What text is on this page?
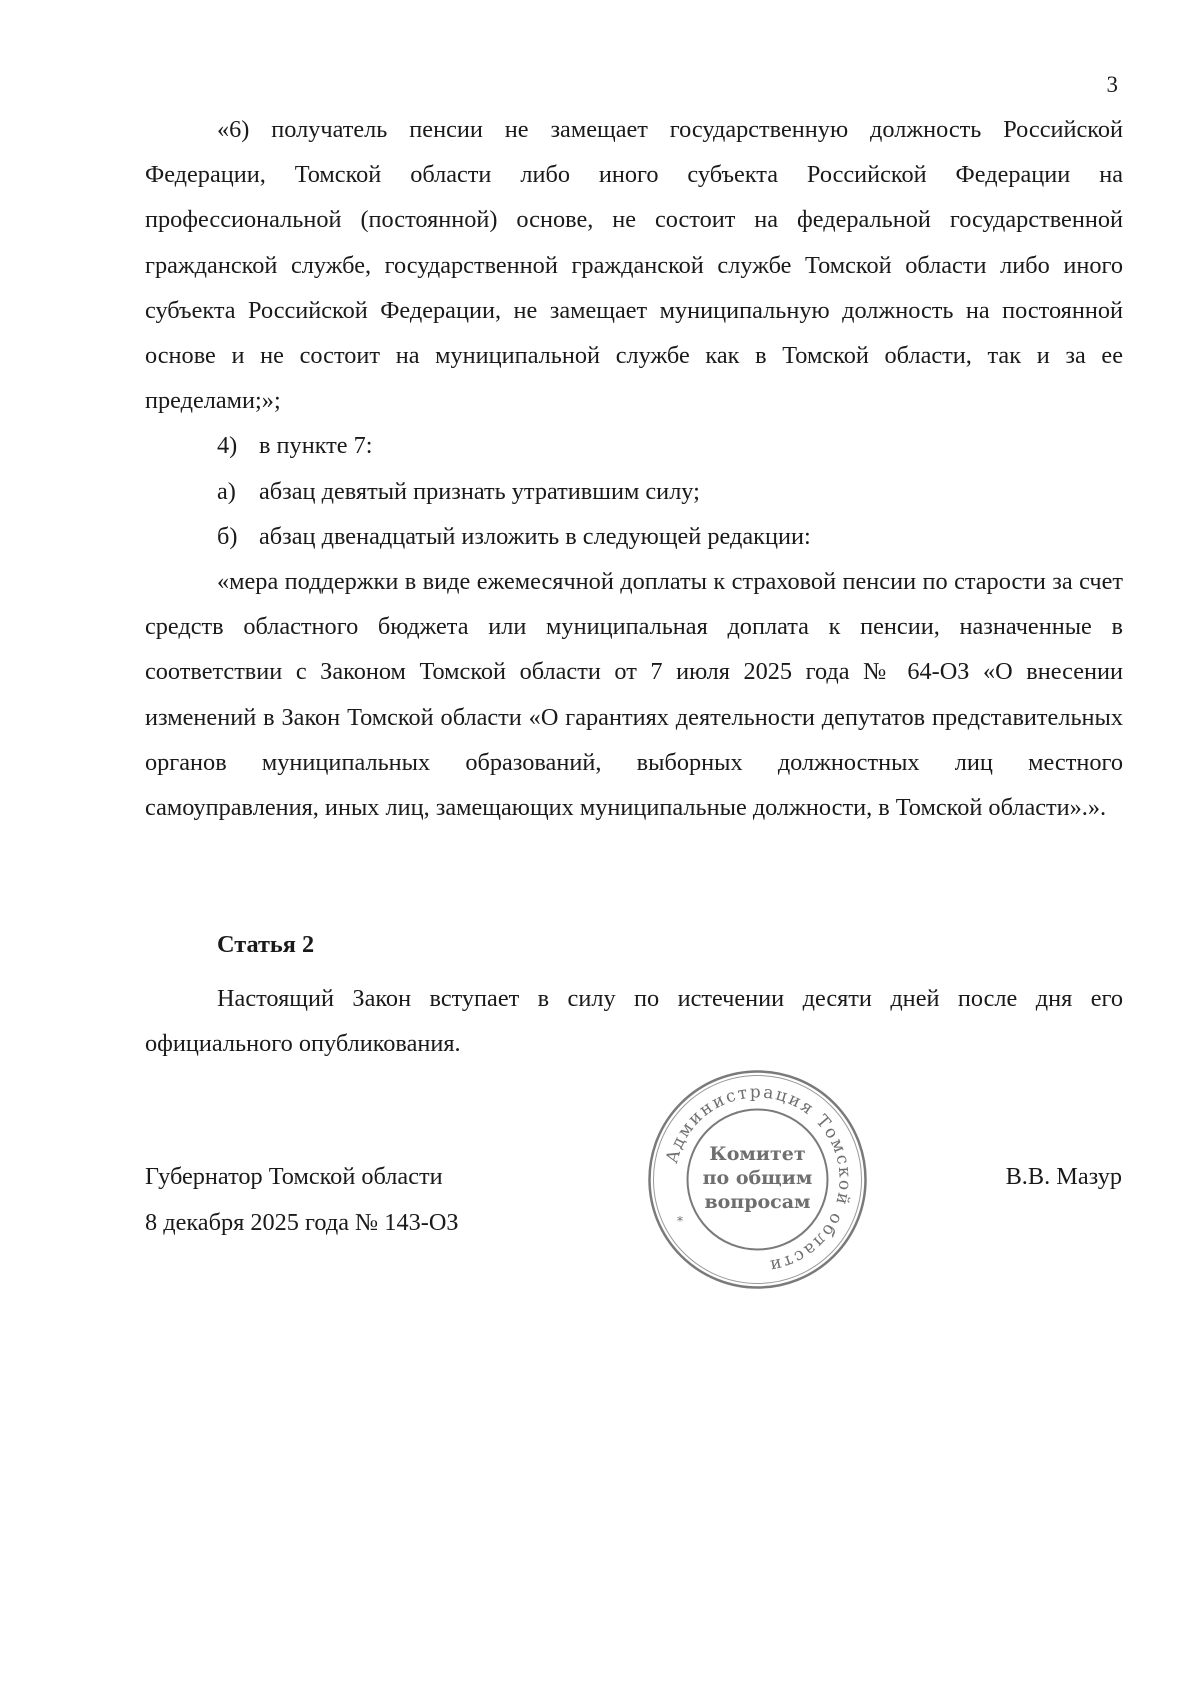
3

«6) получатель пенсии не замещает государственную должность Российской Федерации, Томской области либо иного субъекта Российской Федерации на профессиональной (постоянной) основе, не состоит на федеральной государственной гражданской службе, государственной гражданской службе Томской области либо иного субъекта Российской Федерации, не замещает муниципальную должность на постоянной основе и не состоит на муниципальной службе как в Томской области, так и за ее пределами;»;

4) в пункте 7:
а) абзац девятый признать утратившим силу;
б) абзац двенадцатый изложить в следующей редакции:

«мера поддержки в виде ежемесячной доплаты к страховой пенсии по старости за счет средств областного бюджета или муниципальная доплата к пенсии, назначенные в соответствии с Законом Томской области от 7 июля 2025 года № 64-ОЗ «О внесении изменений в Закон Томской области «О гарантиях деятельности депутатов представительных органов муниципальных образований, выборных должностных лиц местного самоуправления, иных лиц, замещающих муниципальные должности, в Томской области».».

Статья 2

Настоящий Закон вступает в силу по истечении десяти дней после дня его официального опубликования.

Губернатор Томской области
8 декабря 2025 года № 143-ОЗ
В.В. Мазур
Администрация Томской области
*
Комитет
по общим
вопросам
